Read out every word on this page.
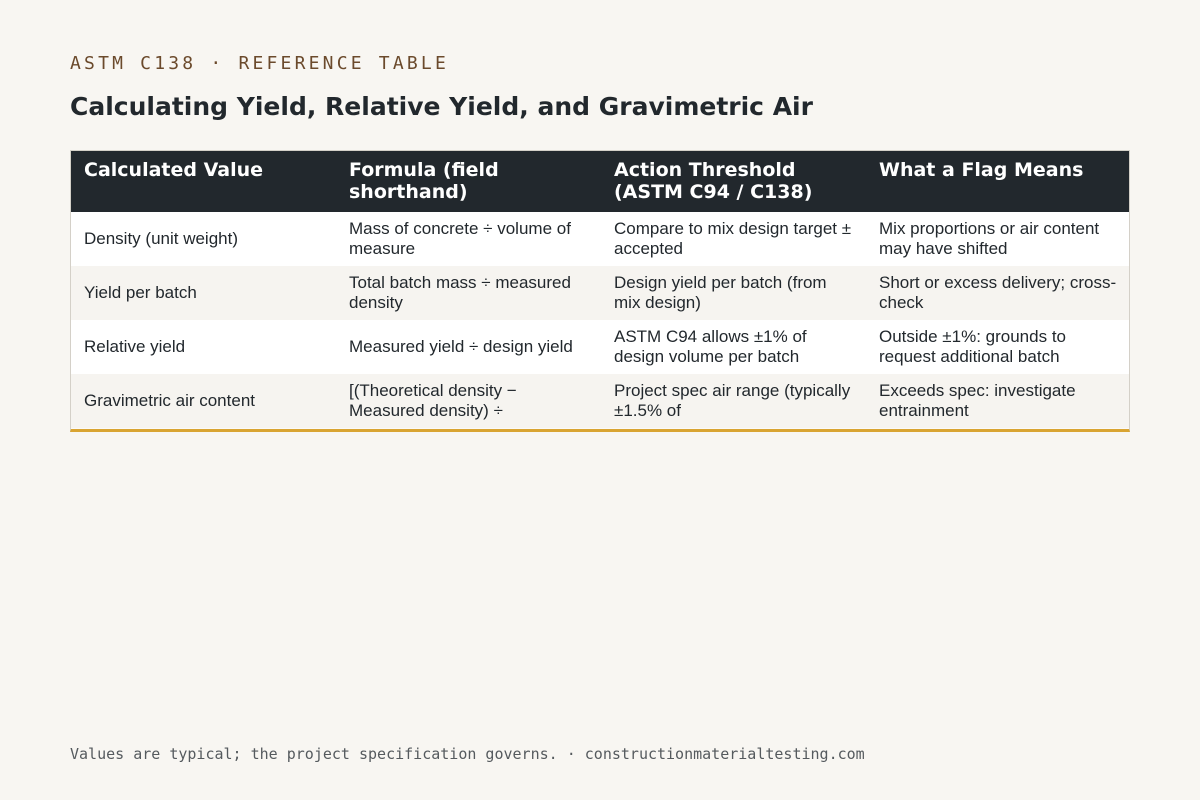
ASTM C138 · REFERENCE TABLE
Calculating Yield, Relative Yield, and Gravimetric Air
Calculated Value	Formula (field shorthand)	Action Threshold (ASTM C94 / C138)	What a Flag Means

Density (unit weight)	Mass of concrete ÷ volume of measure	Compare to mix design target ± accepted	Mix proportions or air content may have shifted

Yield per batch	Total batch mass ÷ measured density	Design yield per batch (from mix design)	Short or excess delivery; cross-check

Relative yield	Measured yield ÷ design yield	ASTM C94 allows ±1% of design volume per batch	Outside ±1%: grounds to request additional batch

Gravimetric air content	[(Theoretical density − Measured density) ÷	Project spec air range (typically ±1.5% of	Exceeds spec: investigate entrainment
Values are typical; the project specification governs. · constructionmaterialtesting.com
